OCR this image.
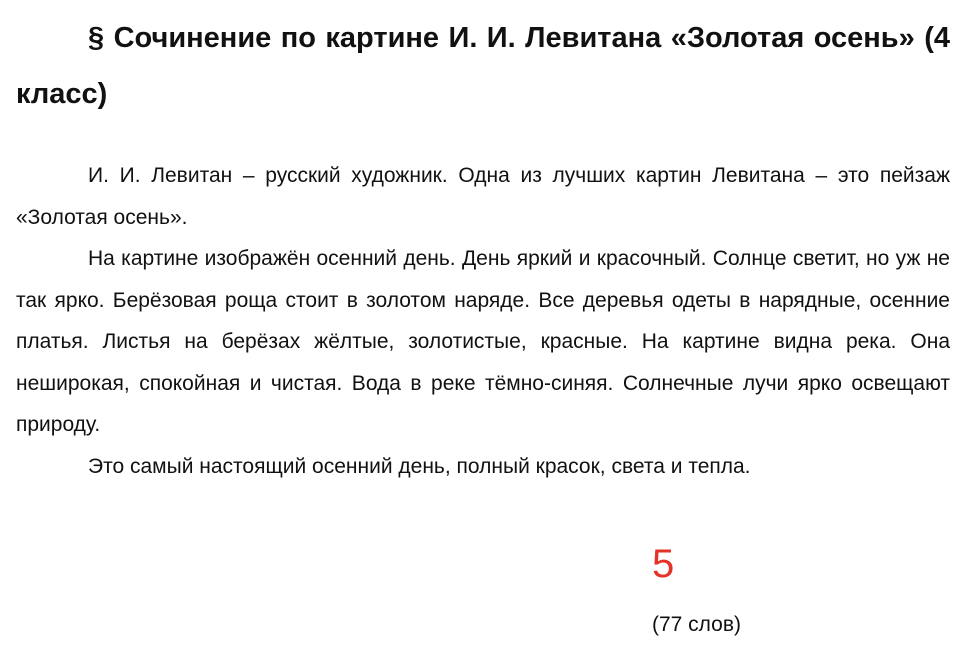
§ Сочинение по картине И. И. Левитана «Золотая осень» (4 класс)

И. И. Левитан – русский художник. Одна из лучших картин Левитана – это пейзаж «Золотая осень».

На картине изображён осенний день. День яркий и красочный. Солнце светит, но уж не так ярко. Берёзовая роща стоит в золотом наряде. Все деревья одеты в нарядные, осенние платья. Листья на берёзах жёлтые, золотистые, красные. На картине видна река. Она неширокая, спокойная и чистая. Вода в реке тёмно-синяя. Солнечные лучи ярко освещают природу.

Это самый настоящий осенний день, полный красок, света и тепла.

5
(77 слов)
